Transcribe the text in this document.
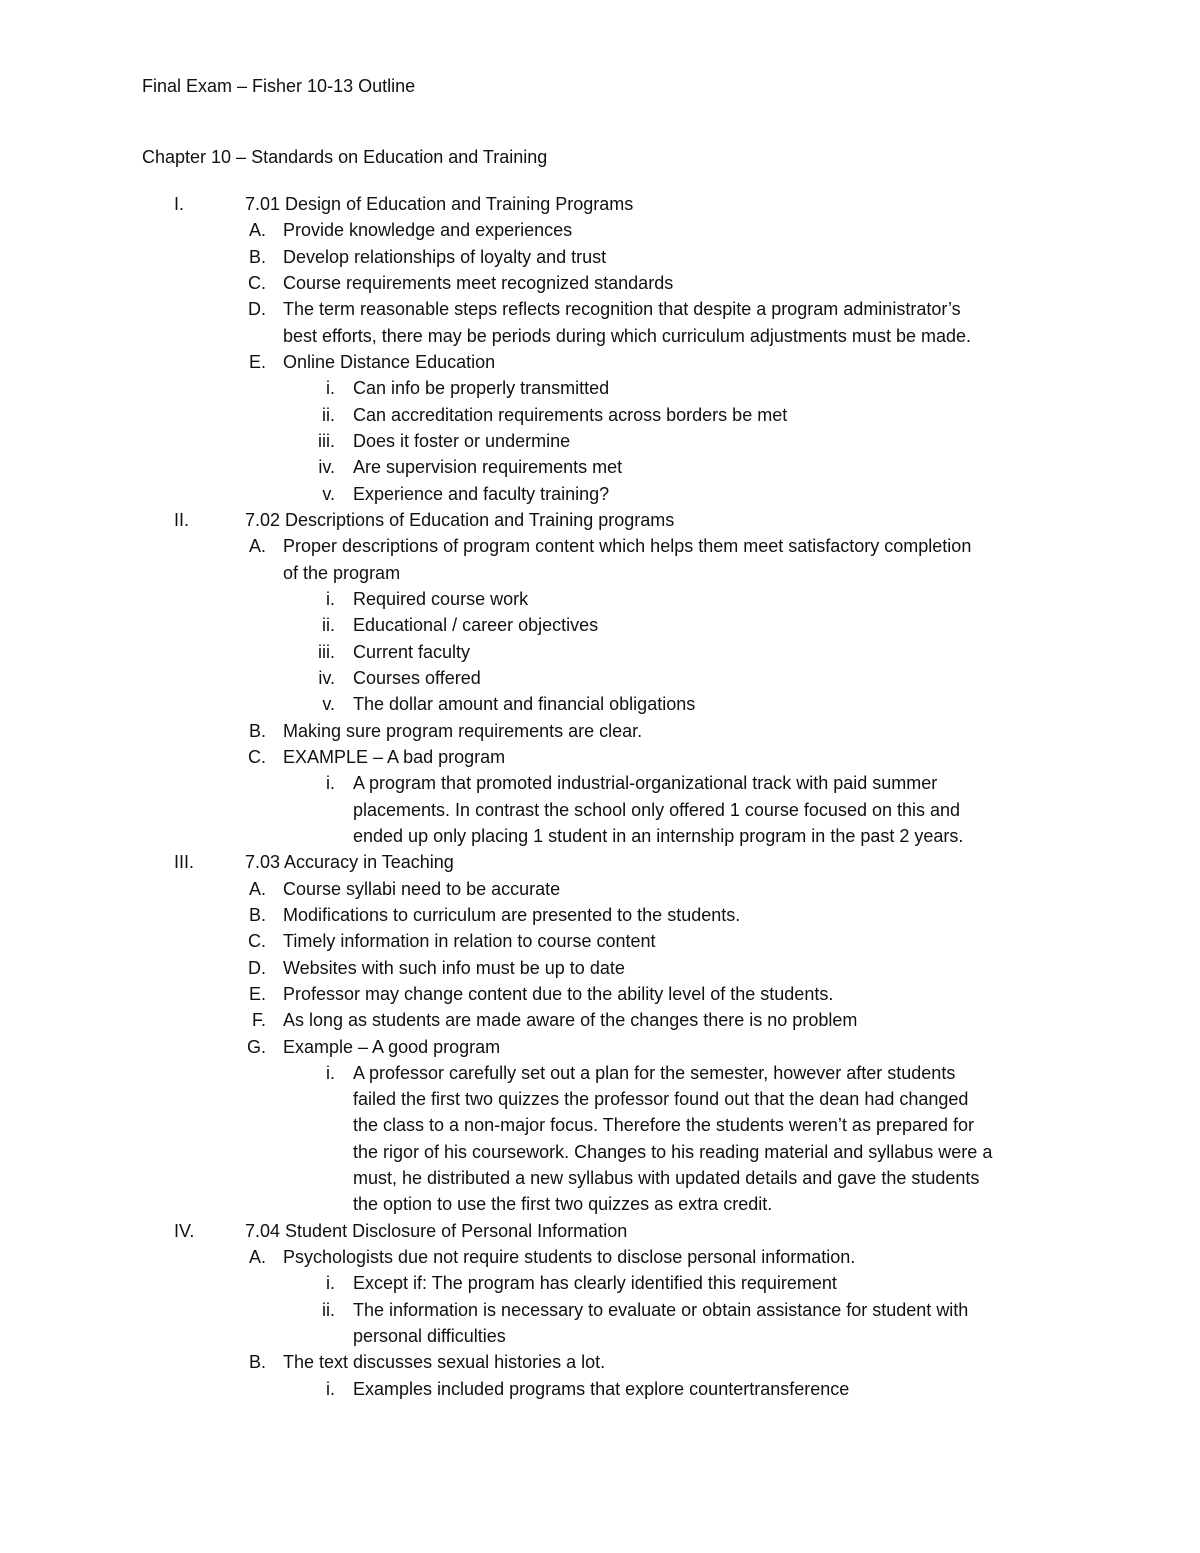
Final Exam – Fisher 10-13 Outline
Chapter 10 – Standards on Education and Training
I.	7.01 Design of Education and Training Programs
A. Provide knowledge and experiences
B. Develop relationships of loyalty and trust
C. Course requirements meet recognized standards
D. The term reasonable steps reflects recognition that despite a program administrator’s
best efforts, there may be periods during which curriculum adjustments must be made.
E. Online Distance Education
i. Can info be properly transmitted
ii. Can accreditation requirements across borders be met
iii. Does it foster or undermine
iv. Are supervision requirements met
v. Experience and faculty training?
II.	7.02 Descriptions of Education and Training programs
A. Proper descriptions of program content which helps them meet satisfactory completion
of the program
i. Required course work
ii. Educational / career objectives
iii. Current faculty
iv. Courses offered
v. The dollar amount and financial obligations
B. Making sure program requirements are clear.
C. EXAMPLE – A bad program
i. A program that promoted industrial-organizational track with paid summer
placements. In contrast the school only offered 1 course focused on this and
ended up only placing 1 student in an internship program in the past 2 years.
III.	7.03 Accuracy in Teaching
A. Course syllabi need to be accurate
B. Modifications to curriculum are presented to the students.
C. Timely information in relation to course content
D. Websites with such info must be up to date
E. Professor may change content due to the ability level of the students.
F. As long as students are made aware of the changes there is no problem
G. Example – A good program
i. A professor carefully set out a plan for the semester, however after students
failed the first two quizzes the professor found out that the dean had changed
the class to a non-major focus. Therefore the students weren’t as prepared for
the rigor of his coursework. Changes to his reading material and syllabus were a
must, he distributed a new syllabus with updated details and gave the students
the option to use the first two quizzes as extra credit.
IV.	7.04 Student Disclosure of Personal Information
A. Psychologists due not require students to disclose personal information.
i. Except if: The program has clearly identified this requirement
ii. The information is necessary to evaluate or obtain assistance for student with
personal difficulties
B. The text discusses sexual histories a lot.
i. Examples included programs that explore countertransference
